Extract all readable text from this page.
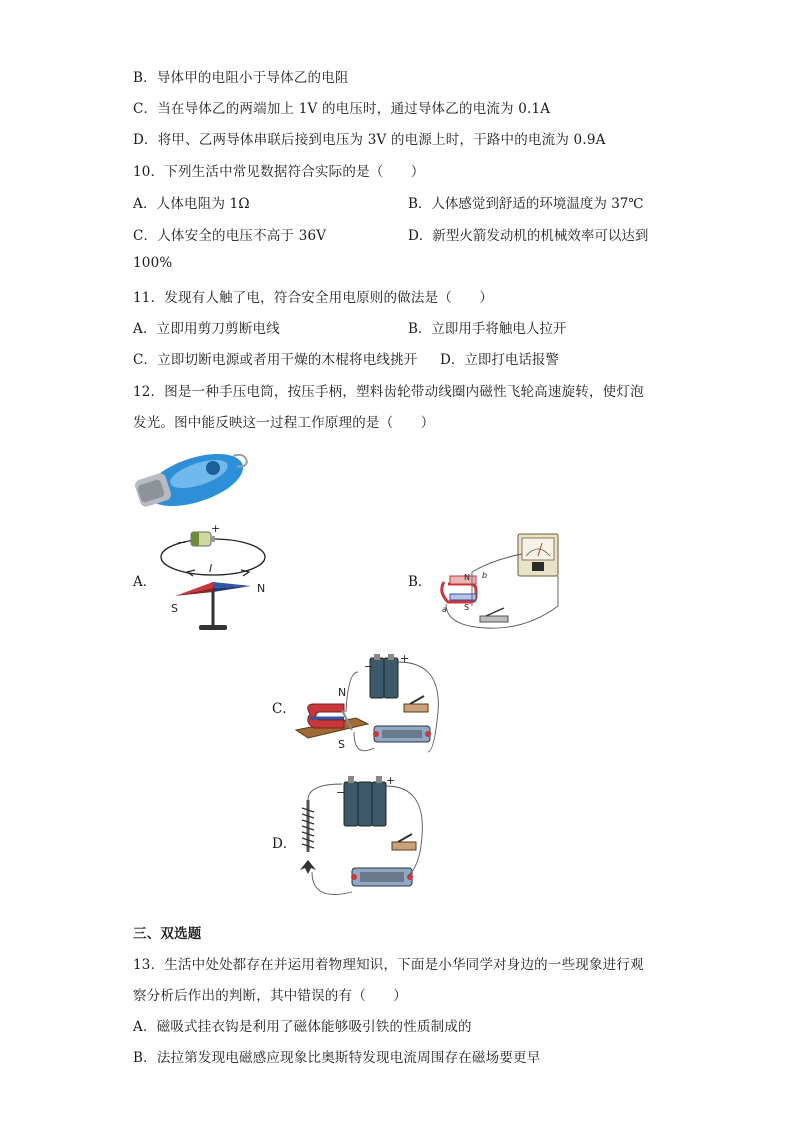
B．导体甲的电阻小于导体乙的电阻
C．当在导体乙的两端加上 1V 的电压时，通过导体乙的电流为 0.1A
D．将甲、乙两导体串联后接到电压为 3V 的电源上时，干路中的电流为 0.9A
10．下列生活中常见数据符合实际的是（　　）
A．人体电阻为 1Ω	B．人体感觉到舒适的环境温度为 37℃
C．人体安全的电压不高于 36V	D．新型火箭发动机的机械效率可以达到
100%
11．发现有人触了电，符合安全用电原则的做法是（　　）
A．立即用剪刀剪断电线	B．立即用手将触电人拉开
C．立即切断电源或者用干燥的木棍将电线挑开 D．立即打电话报警
12．图是一种手压电筒，按压手柄，塑料齿轮带动线圈内磁性飞轮高速旋转，使灯泡
发光。图中能反映这一过程工作原理的是（　　）
A．
+
−
I
S
N	B．	N
S
a
b
C．
N
S
+
−
D．
+
−
三、双选题
13．生活中处处都存在并运用着物理知识，下面是小华同学对身边的一些现象进行观
察分析后作出的判断，其中错误的有（　　）
A．磁吸式挂衣钩是利用了磁体能够吸引铁的性质制成的
B．法拉第发现电磁感应现象比奥斯特发现电流周围存在磁场要更早
